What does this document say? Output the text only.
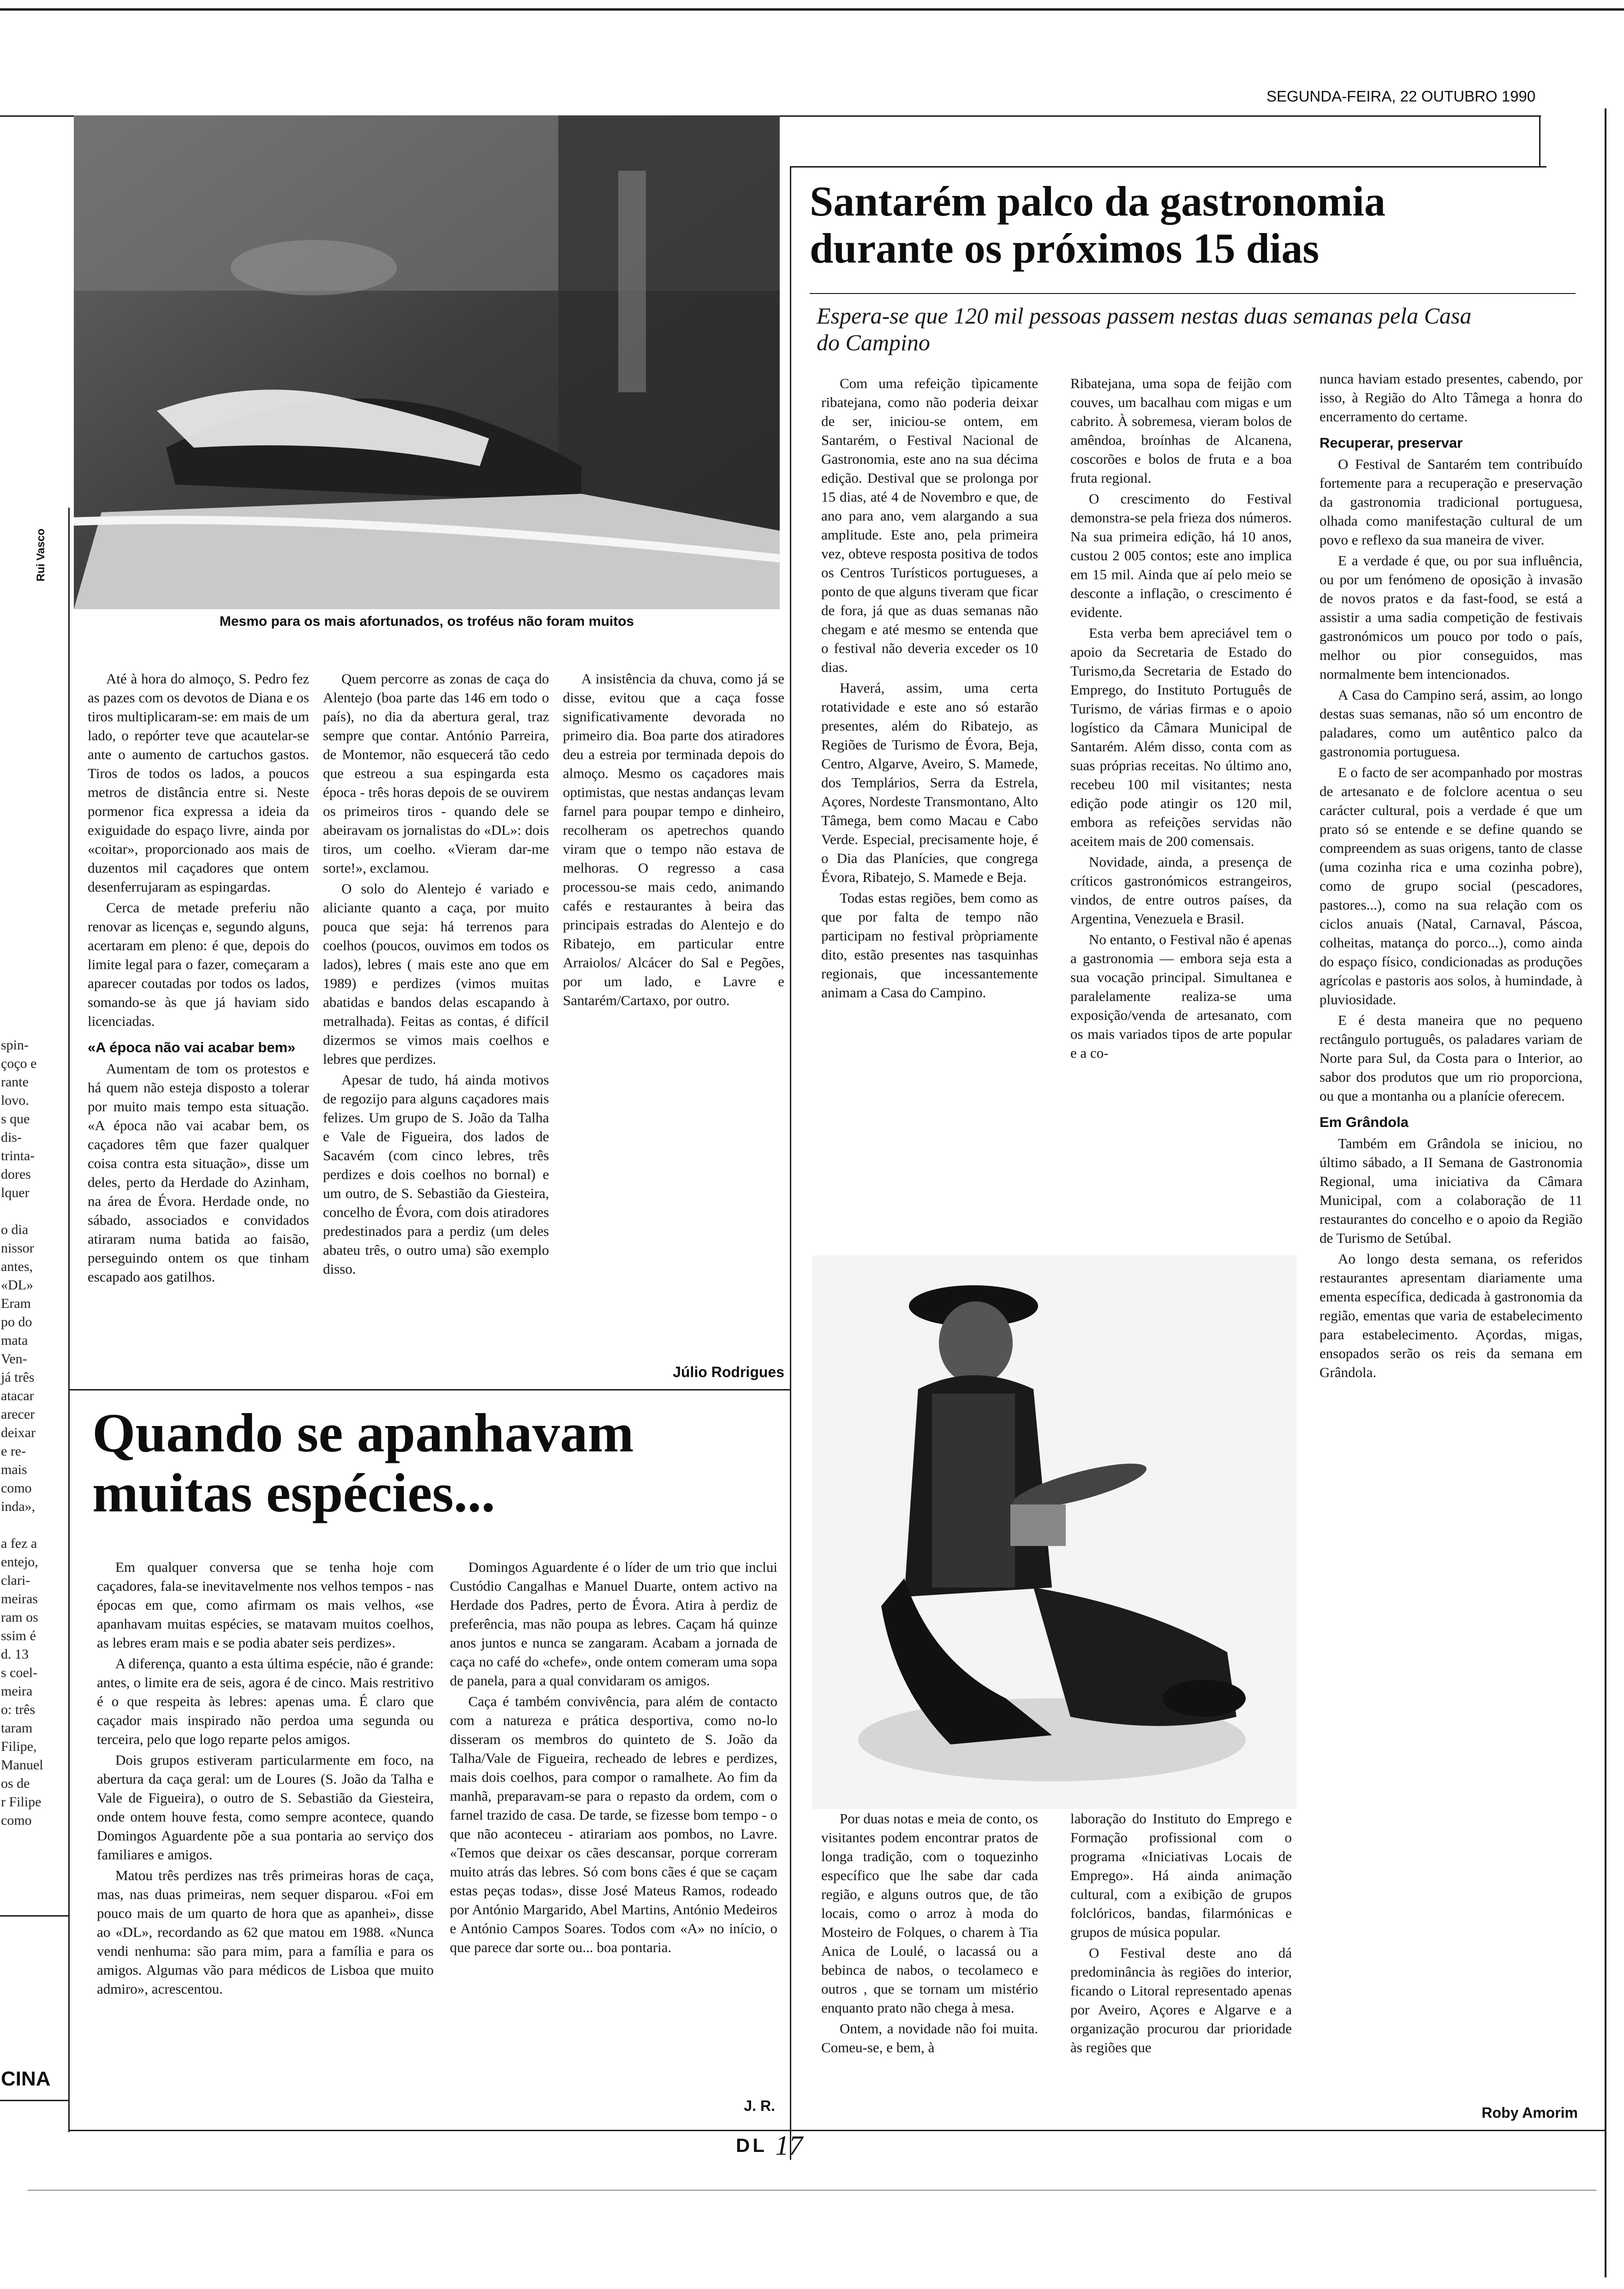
SEGUNDA-FEIRA, 22 OUTUBRO 1990
spin-
çoço e
rante
lovo.
s que
dis-
trinta-
dores
lquer

o dia
nissor
antes,
«DL»
Eram
po do
mata
Ven-
já três
atacar
arecer
deixar
e re-
mais
como
inda»,

a fez a
entejo,
clari-
meiras
ram os
ssim é
d. 13
s coel-
meira
o: três
taram
Filipe,
Manuel
os de
r Filipe
como
CINA
Rui Vasco
Mesmo para os mais afortunados, os troféus não foram muitos

Até à hora do almoço, S. Pedro fez as pazes com os devotos de Diana e os tiros multiplicaram-se: em mais de um lado, o repórter teve que acautelar-se ante o aumento de cartuchos gastos. Tiros de todos os lados, a poucos metros de distância entre si. Neste pormenor fica expressa a ideia da exiguidade do espaço livre, ainda por «coitar», proporcionado aos mais de duzentos mil caçadores que ontem desenferrujaram as espingardas.

Cerca de metade preferiu não renovar as licenças e, segundo alguns, acertaram em pleno: é que, depois do limite legal para o fazer, começaram a aparecer coutadas por todos os lados, somando-se às que já haviam sido licenciadas.

«A época não vai acabar bem»

Aumentam de tom os protestos e há quem não esteja disposto a tolerar por muito mais tempo esta situação. «A época não vai acabar bem, os caçadores têm que fazer qualquer coisa contra esta situação», disse um deles, perto da Herdade do Azinham, na área de Évora. Herdade onde, no sábado, associados e convidados atiraram numa batida ao faisão, perseguindo ontem os que tinham escapado aos gatilhos.

Quem percorre as zonas de caça do Alentejo (boa parte das 146 em todo o país), no dia da abertura geral, traz sempre que contar. António Parreira, de Montemor, não esquecerá tão cedo que estreou a sua espingarda esta época - três horas depois de se ouvirem os primeiros tiros - quando dele se abeiravam os jornalistas do «DL»: dois tiros, um coelho. «Vieram dar-me sorte!», exclamou.

O solo do Alentejo é variado e aliciante quanto a caça, por muito pouca que seja: há terrenos para coelhos (poucos, ouvimos em todos os lados), lebres ( mais este ano que em 1989) e perdizes (vimos muitas abatidas e bandos delas escapando à metralhada). Feitas as contas, é difícil dizermos se vimos mais coelhos e lebres que perdizes.

Apesar de tudo, há ainda motivos de regozijo para alguns caçadores mais felizes. Um grupo de S. João da Talha e Vale de Figueira, dos lados de Sacavém (com cinco lebres, três perdizes e dois coelhos no bornal) e um outro, de S. Sebastião da Giesteira, concelho de Évora, com dois atiradores predestinados para a perdiz (um deles abateu três, o outro uma) são exemplo disso.

A insistência da chuva, como já se disse, evitou que a caça fosse significativamente devorada no primeiro dia. Boa parte dos atiradores deu a estreia por terminada depois do almoço. Mesmo os caçadores mais optimistas, que nestas andanças levam farnel para poupar tempo e dinheiro, recolheram os apetrechos quando viram que o tempo não estava de melhoras. O regresso a casa processou-se mais cedo, animando cafés e restaurantes à beira das principais estradas do Alentejo e do Ribatejo, em particular entre Arraiolos/ Alcácer do Sal e Pegões, por um lado, e Lavre e Santarém/Cartaxo, por outro.

Júlio Rodrigues
Santarém palco da gastronomia durante os próximos 15 dias
Espera-se que 120 mil pessoas passem nestas duas semanas pela Casa do Campino

Com uma refeição tìpicamente ribatejana, como não poderia deixar de ser, iniciou-se ontem, em Santarém, o Festival Nacional de Gastronomia, este ano na sua décima edição. Destival que se prolonga por 15 dias, até 4 de Novembro e que, de ano para ano, vem alargando a sua amplitude. Este ano, pela primeira vez, obteve resposta positiva de todos os Centros Turísticos portugueses, a ponto de que alguns tiveram que ficar de fora, já que as duas semanas não chegam e até mesmo se entenda que o festival não deveria exceder os 10 dias.

Haverá, assim, uma certa rotatividade e este ano só estarão presentes, além do Ribatejo, as Regiões de Turismo de Évora, Beja, Centro, Algarve, Aveiro, S. Mamede, dos Templários, Serra da Estrela, Açores, Nordeste Transmontano, Alto Tâmega, bem como Macau e Cabo Verde. Especial, precisamente hoje, é o Dia das Planícies, que congrega Évora, Ribatejo, S. Mamede e Beja.

Todas estas regiões, bem como as que por falta de tempo não participam no festival pròpriamente dito, estão presentes nas tasquinhas regionais, que incessantemente animam a Casa do Campino.

Ribatejana, uma sopa de feijão com couves, um bacalhau com migas e um cabrito. À sobremesa, vieram bolos de amêndoa, broínhas de Alcanena, coscorões e bolos de fruta e a boa fruta regional.

O crescimento do Festival demonstra-se pela frieza dos números. Na sua primeira edição, há 10 anos, custou 2 005 contos; este ano implica em 15 mil. Ainda que aí pelo meio se desconte a inflação, o crescimento é evidente.

Esta verba bem apreciável tem o apoio da Secretaria de Estado do Turismo,da Secretaria de Estado do Emprego, do Instituto Português de Turismo, de várias firmas e o apoio logístico da Câmara Municipal de Santarém. Além disso, conta com as suas próprias receitas. No último ano, recebeu 100 mil visitantes; nesta edição pode atingir os 120 mil, embora as refeições servidas não aceitem mais de 200 comensais.

Novidade, ainda, a presença de críticos gastronómicos estrangeiros, vindos, de entre outros países, da Argentina, Venezuela e Brasil.

No entanto, o Festival não é apenas a gastronomia — embora seja esta a sua vocação principal. Simultanea e paralelamente realiza-se uma exposição/venda de artesanato, com os mais variados tipos de arte popular e a co-

nunca haviam estado presentes, cabendo, por isso, à Região do Alto Tâmega a honra do encerramento do certame.

Recuperar, preservar

O Festival de Santarém tem contribuído fortemente para a recuperação e preservação da gastronomia tradicional portuguesa, olhada como manifestação cultural de um povo e reflexo da sua maneira de viver.

E a verdade é que, ou por sua influência, ou por um fenómeno de oposição à invasão de novos pratos e da fast-food, se está a assistir a uma sadia competição de festivais gastronómicos um pouco por todo o país, melhor ou pior conseguidos, mas normalmente bem intencionados.

A Casa do Campino será, assim, ao longo destas suas semanas, não só um encontro de paladares, como um autêntico palco da gastronomia portuguesa.

E o facto de ser acompanhado por mostras de artesanato e de folclore acentua o seu carácter cultural, pois a verdade é que um prato só se entende e se define quando se compreendem as suas origens, tanto de classe (uma cozinha rica e uma cozinha pobre), como de grupo social (pescadores, pastores...), como na sua relação com os ciclos anuais (Natal, Carnaval, Páscoa, colheitas, matança do porco...), como ainda do espaço físico, condicionadas as produções agrícolas e pastoris aos solos, à humindade, à pluviosidade.

E é desta maneira que no pequeno rectângulo português, os paladares variam de Norte para Sul, da Costa para o Interior, ao sabor dos produtos que um rio proporciona, ou que a montanha ou a planície oferecem.

Em Grândola

Também em Grândola se iniciou, no último sábado, a II Semana de Gastronomia Regional, uma iniciativa da Câmara Municipal, com a colaboração de 11 restaurantes do concelho e o apoio da Região de Turismo de Setúbal.

Ao longo desta semana, os referidos restaurantes apresentam diariamente uma ementa específica, dedicada à gastronomia da região, ementas que varia de estabelecimento para estabelecimento. Açordas, migas, ensopados serão os reis da semana em Grândola.

Roby Amorim

Por duas notas e meia de conto, os visitantes podem encontrar pratos de longa tradição, com o toquezinho específico que lhe sabe dar cada região, e alguns outros que, de tão locais, como o arroz à moda do Mosteiro de Folques, o charem à Tia Anica de Loulé, o lacassá ou a bebinca de nabos, o tecolameco e outros , que se tornam um mistério enquanto prato não chega à mesa.

Ontem, a novidade não foi muita. Comeu-se, e bem, à

laboração do Instituto do Emprego e Formação profissional com o programa «Iniciativas Locais de Emprego». Há ainda animação cultural, com a exibição de grupos folclóricos, bandas, filarmónicas e grupos de música popular.

O Festival deste ano dá predominância às regiões do interior, ficando o Litoral representado apenas por Aveiro, Açores e Algarve e a organização procurou dar prioridade às regiões que

Quando se apanhavam muitas espécies...

Em qualquer conversa que se tenha hoje com caçadores, fala-se inevitavelmente nos velhos tempos - nas épocas em que, como afirmam os mais velhos, «se apanhavam muitas espécies, se matavam muitos coelhos, as lebres eram mais e se podia abater seis perdizes».

A diferença, quanto a esta última espécie, não é grande: antes, o limite era de seis, agora é de cinco. Mais restritivo é o que respeita às lebres: apenas uma. É claro que caçador mais inspirado não perdoa uma segunda ou terceira, pelo que logo reparte pelos amigos.

Dois grupos estiveram particularmente em foco, na abertura da caça geral: um de Loures (S. João da Talha e Vale de Figueira), o outro de S. Sebastião da Giesteira, onde ontem houve festa, como sempre acontece, quando Domingos Aguardente põe a sua pontaria ao serviço dos familiares e amigos.

Matou três perdizes nas três primeiras horas de caça, mas, nas duas primeiras, nem sequer disparou. «Foi em pouco mais de um quarto de hora que as apanhei», disse ao «DL», recordando as 62 que matou em 1988. «Nunca vendi nenhuma: são para mim, para a família e para os amigos. Algumas vão para médicos de Lisboa que muito admiro», acrescentou.

Domingos Aguardente é o líder de um trio que inclui Custódio Cangalhas e Manuel Duarte, ontem activo na Herdade dos Padres, perto de Évora. Atira à perdiz de preferência, mas não poupa as lebres. Caçam há quinze anos juntos e nunca se zangaram. Acabam a jornada de caça no café do «chefe», onde ontem comeram uma sopa de panela, para a qual convidaram os amigos.

Caça é também convivência, para além de contacto com a natureza e prática desportiva, como no-lo disseram os membros do quinteto de S. João da Talha/Vale de Figueira, recheado de lebres e perdizes, mais dois coelhos, para compor o ramalhete. Ao fim da manhã, preparavam-se para o repasto da ordem, com o farnel trazido de casa. De tarde, se fizesse bom tempo - o que não aconteceu - atirariam aos pombos, no Lavre. «Temos que deixar os cães descansar, porque correram muito atrás das lebres. Só com bons cães é que se caçam estas peças todas», disse José Mateus Ramos, rodeado por António Margarido, Abel Martins, António Medeiros e António Campos Soares. Todos com «A» no início, o que parece dar sorte ou... boa pontaria.

J. R.
DL 17
